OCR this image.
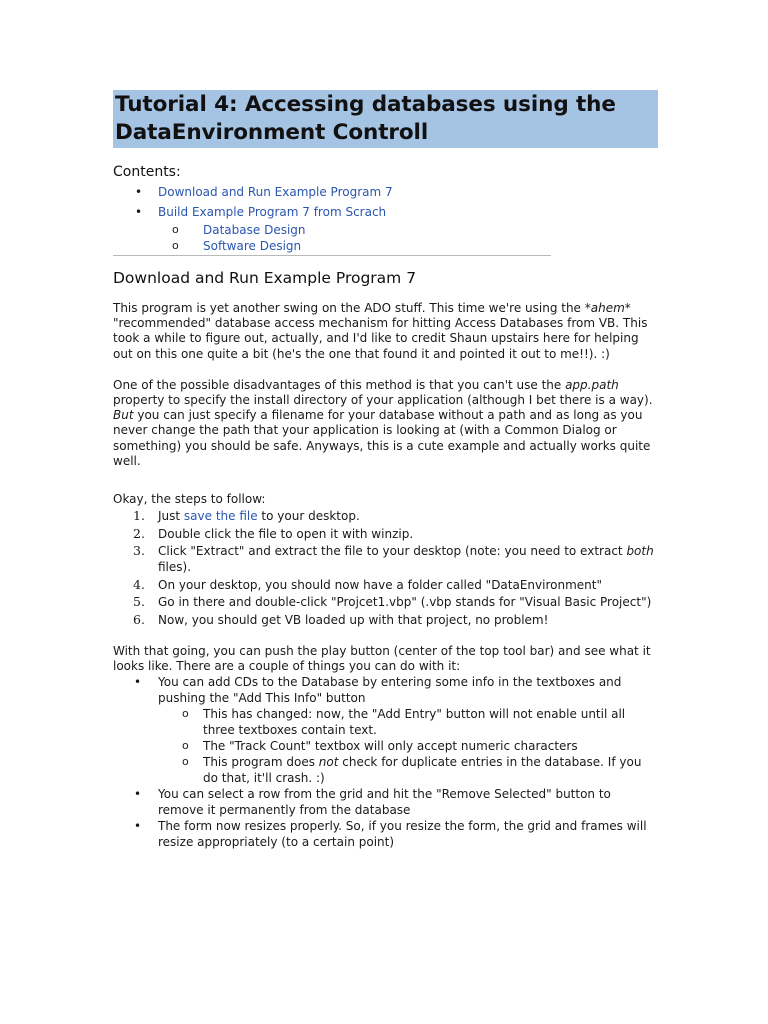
Tutorial 4: Accessing databases using the DataEnvironment Controll
Contents:
• Download and Run Example Program 7
• Build Example Program 7 from Scrach
o Database Design
o Software Design
Download and Run Example Program 7

This program is yet another swing on the ADO stuff. This time we're using the *ahem* "recommended" database access mechanism for hitting Access Databases from VB. This took a while to figure out, actually, and I'd like to credit Shaun upstairs here for helping out on this one quite a bit (he's the one that found it and pointed it out to me!!). :)

One of the possible disadvantages of this method is that you can't use the app.path property to specify the install directory of your application (although I bet there is a way). But you can just specify a filename for your database without a path and as long as you never change the path that your application is looking at (with a Common Dialog or something) you should be safe. Anyways, this is a cute example and actually works quite well.

Okay, the steps to follow:

1. Just save the file to your desktop.
2. Double click the file to open it with winzip.
3. Click "Extract" and extract the file to your desktop (note: you need to extract both files).
4. On your desktop, you should now have a folder called "DataEnvironment"
5. Go in there and double-click "Projcet1.vbp" (.vbp stands for "Visual Basic Project")
6. Now, you should get VB loaded up with that project, no problem!

With that going, you can push the play button (center of the top tool bar) and see what it looks like. There are a couple of things you can do with it:

• You can add CDs to the Database by entering some info in the textboxes and pushing the "Add This Info" button
o This has changed: now, the "Add Entry" button will not enable until all three textboxes contain text.
o The "Track Count" textbox will only accept numeric characters
o This program does not check for duplicate entries in the database. If you do that, it'll crash. :)
• You can select a row from the grid and hit the "Remove Selected" button to remove it permanently from the database
• The form now resizes properly. So, if you resize the form, the grid and frames will resize appropriately (to a certain point)
